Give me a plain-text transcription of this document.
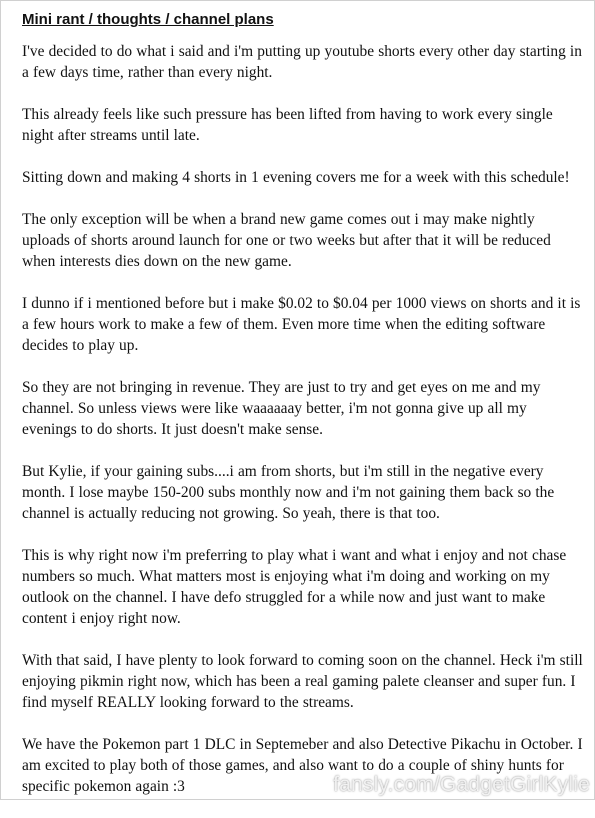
Mini rant / thoughts / channel plans

I've decided to do what i said and i'm putting up youtube shorts every other day starting in a few days time, rather than every night.

This already feels like such pressure has been lifted from having to work every single night after streams until late.

Sitting down and making 4 shorts in 1 evening covers me for a week with this schedule!

The only exception will be when a brand new game comes out i may make nightly uploads of shorts around launch for one or two weeks but after that it will be reduced when interests dies down on the new game.

I dunno if i mentioned before but i make $0.02 to $0.04 per 1000 views on shorts and it is a few hours work to make a few of them. Even more time when the editing software decides to play up.

So they are not bringing in revenue. They are just to try and get eyes on me and my channel. So unless views were like waaaaaay better, i'm not gonna give up all my evenings to do shorts. It just doesn't make sense.

But Kylie, if your gaining subs....i am from shorts, but i'm still in the negative every month. I lose maybe 150-200 subs monthly now and i'm not gaining them back so the channel is actually reducing not growing. So yeah, there is that too.

This is why right now i'm preferring to play what i want and what i enjoy and not chase numbers so much. What matters most is enjoying what i'm doing and working on my outlook on the channel. I have defo struggled for a while now and just want to make content i enjoy right now.

With that said, I have plenty to look forward to coming soon on the channel. Heck i'm still enjoying pikmin right now, which has been a real gaming palete cleanser and super fun. I find myself REALLY looking forward to the streams.

We have the Pokemon part 1 DLC in Septemeber and also Detective Pikachu in October. I am excited to play both of those games, and also want to do a couple of shiny hunts for specific pokemon again :3	fansly.com/GadgetGirlKylie
